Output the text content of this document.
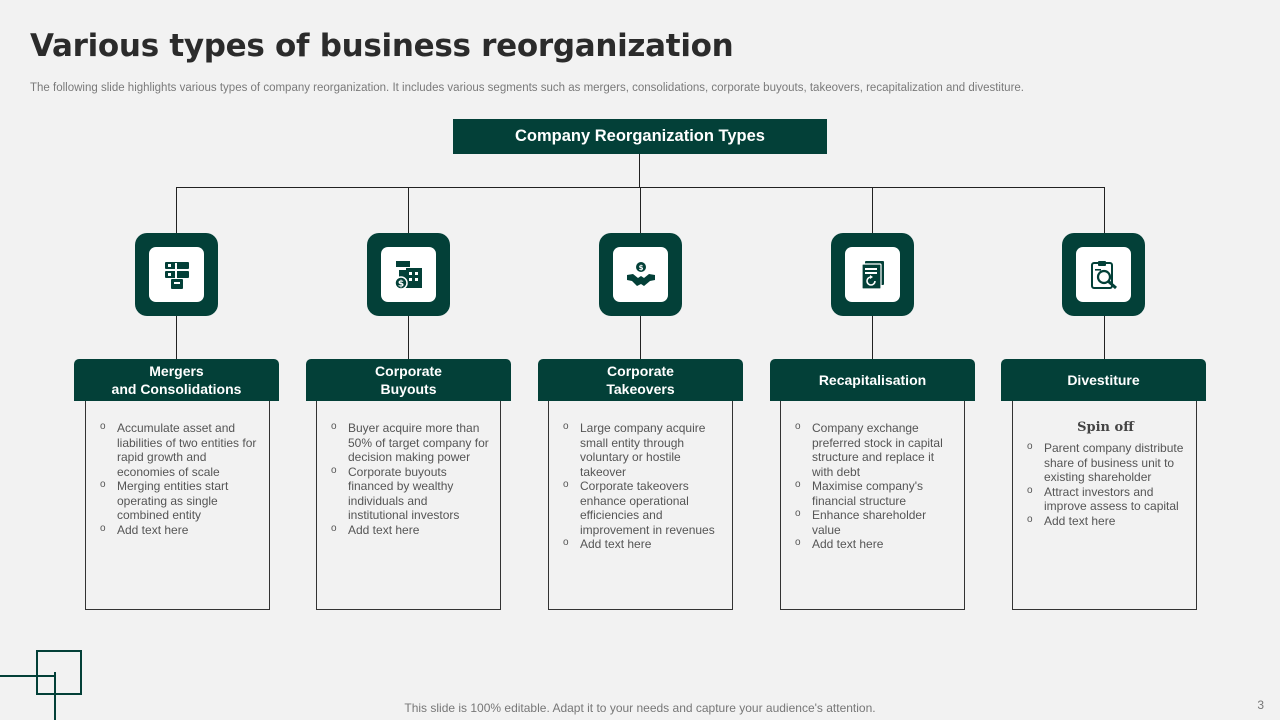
Various types of business reorganization

The following slide highlights various types of company reorganization. It includes various segments such as mergers, consolidations, corporate buyouts, takeovers, recapitalization and divestiture.

Company Reorganization Types
$
$
Mergers
and Consolidations
Corporate
Buyouts
Corporate
Takeovers
Recapitalisation	Divestiture
o Accumulate asset and liabilities of two entities for rapid growth and economies of scale
o Merging entities start operating as single combined entity
o Add text here
o Buyer acquire more than 50% of target company for decision making power
o Corporate buyouts financed by wealthy individuals and institutional investors
o Add text here
o Large company acquire small entity through voluntary or hostile takeover
o Corporate takeovers enhance operational efficiencies and improvement in revenues
o Add text here
o Company exchange preferred stock in capital structure and replace it with debt
o Maximise company's financial structure
o Enhance shareholder value
o Add text here
Spin off
o Parent company distribute share of business unit to existing shareholder
o Attract investors and improve assess to capital
o Add text here
This slide is 100% editable. Adapt it to your needs and capture your audience's attention.	3
